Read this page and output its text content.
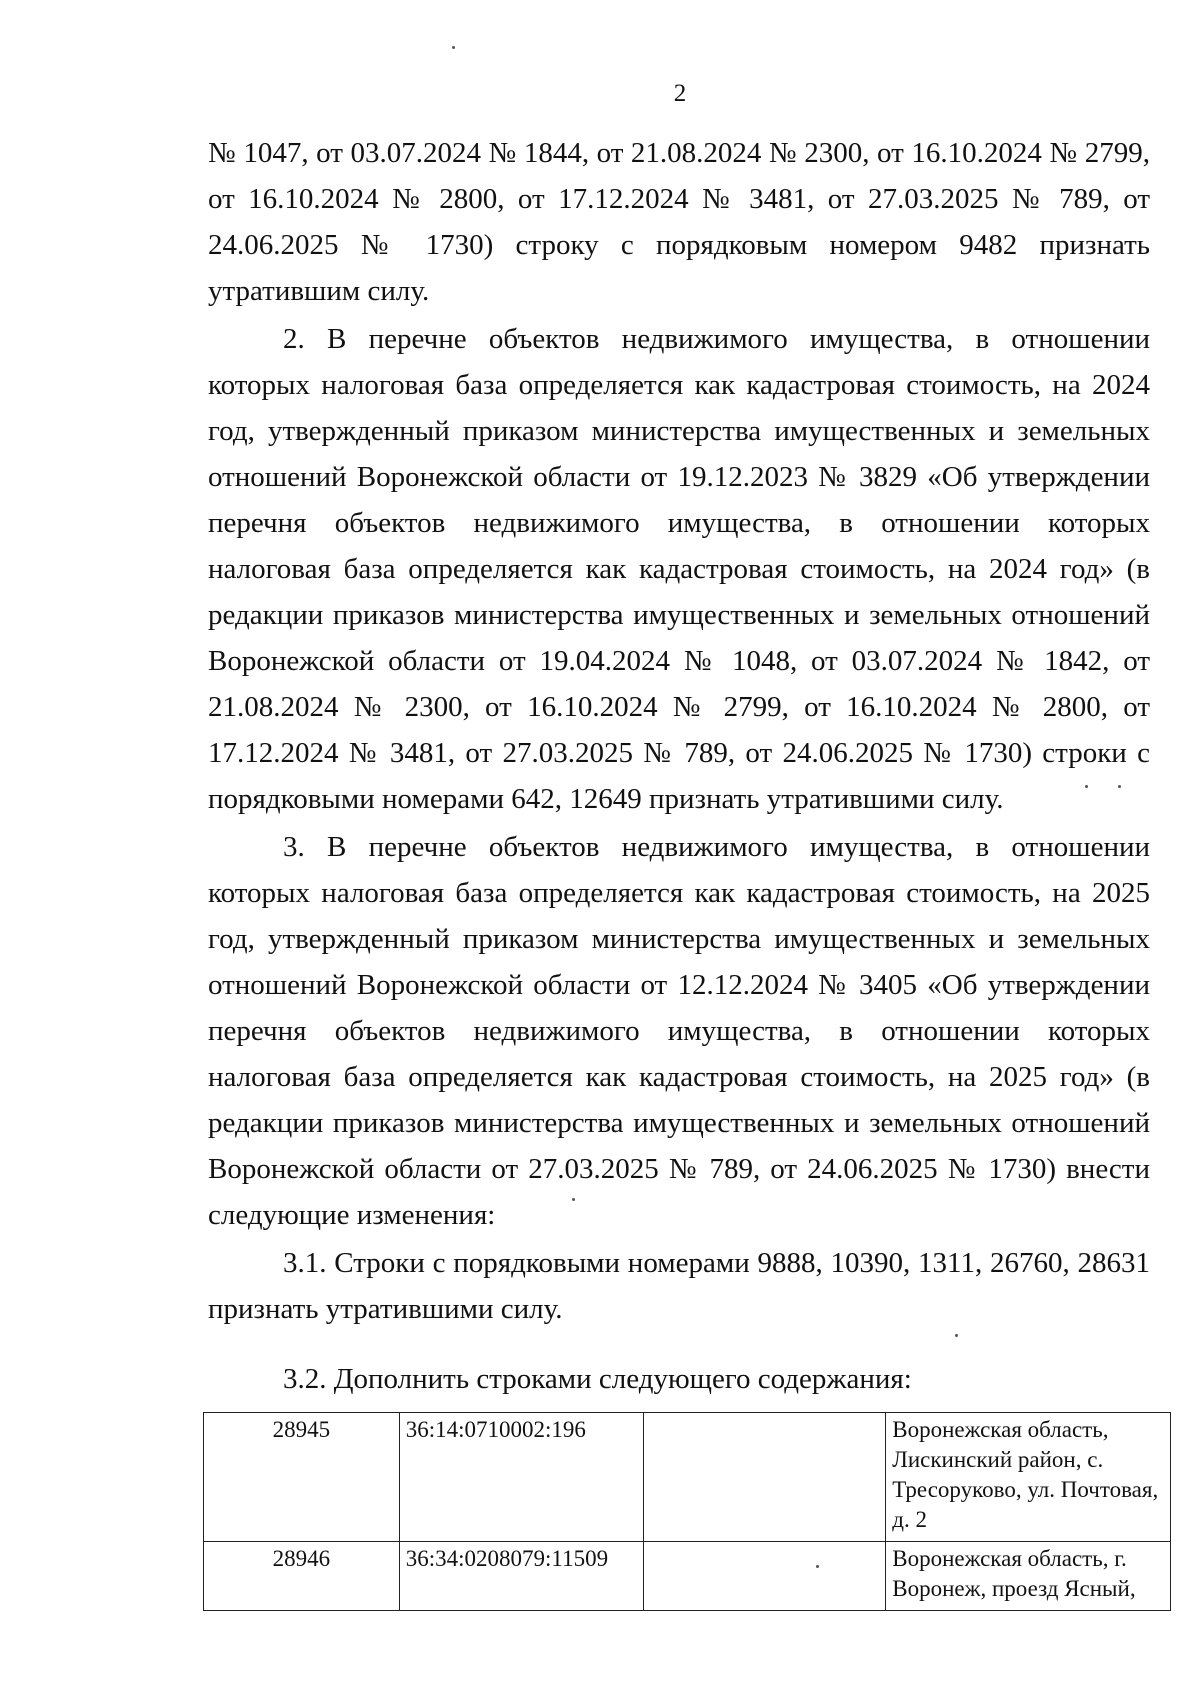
2

№ 1047, от 03.07.2024 № 1844, от 21.08.2024 № 2300, от 16.10.2024 № 2799, от 16.10.2024 № 2800, от 17.12.2024 № 3481, от 27.03.2025 № 789, от 24.06.2025 № 1730) строку с порядковым номером 9482 признать утратившим силу.

2. В перечне объектов недвижимого имущества, в отношении которых налоговая база определяется как кадастровая стоимость, на 2024 год, утвержденный приказом министерства имущественных и земельных отношений Воронежской области от 19.12.2023 № 3829 «Об утверждении перечня объектов недвижимого имущества, в отношении которых налоговая база определяется как кадастровая стоимость, на 2024 год» (в редакции приказов министерства имущественных и земельных отношений Воронежской области от 19.04.2024 № 1048, от 03.07.2024 № 1842, от 21.08.2024 № 2300, от 16.10.2024 № 2799, от 16.10.2024 № 2800, от 17.12.2024 № 3481, от 27.03.2025 № 789, от 24.06.2025 № 1730) строки с порядковыми номерами 642, 12649 признать утратившими силу.

3. В перечне объектов недвижимого имущества, в отношении которых налоговая база определяется как кадастровая стоимость, на 2025 год, утвержденный приказом министерства имущественных и земельных отношений Воронежской области от 12.12.2024 № 3405 «Об утверждении перечня объектов недвижимого имущества, в отношении которых налоговая база определяется как кадастровая стоимость, на 2025 год» (в редакции приказов министерства имущественных и земельных отношений Воронежской области от 27.03.2025 № 789, от 24.06.2025 № 1730) внести следующие изменения:

3.1. Строки с порядковыми номерами 9888, 10390, 1311, 26760, 28631 признать утратившими силу.

3.2. Дополнить строками следующего содержания:

28945	36:14:0710002:196		Воронежская область, Лискинский район, с. Тресоруково, ул. Почтовая, д. 2
28946	36:34:0208079:11509		Воронежская область, г. Воронеж, проезд Ясный,
